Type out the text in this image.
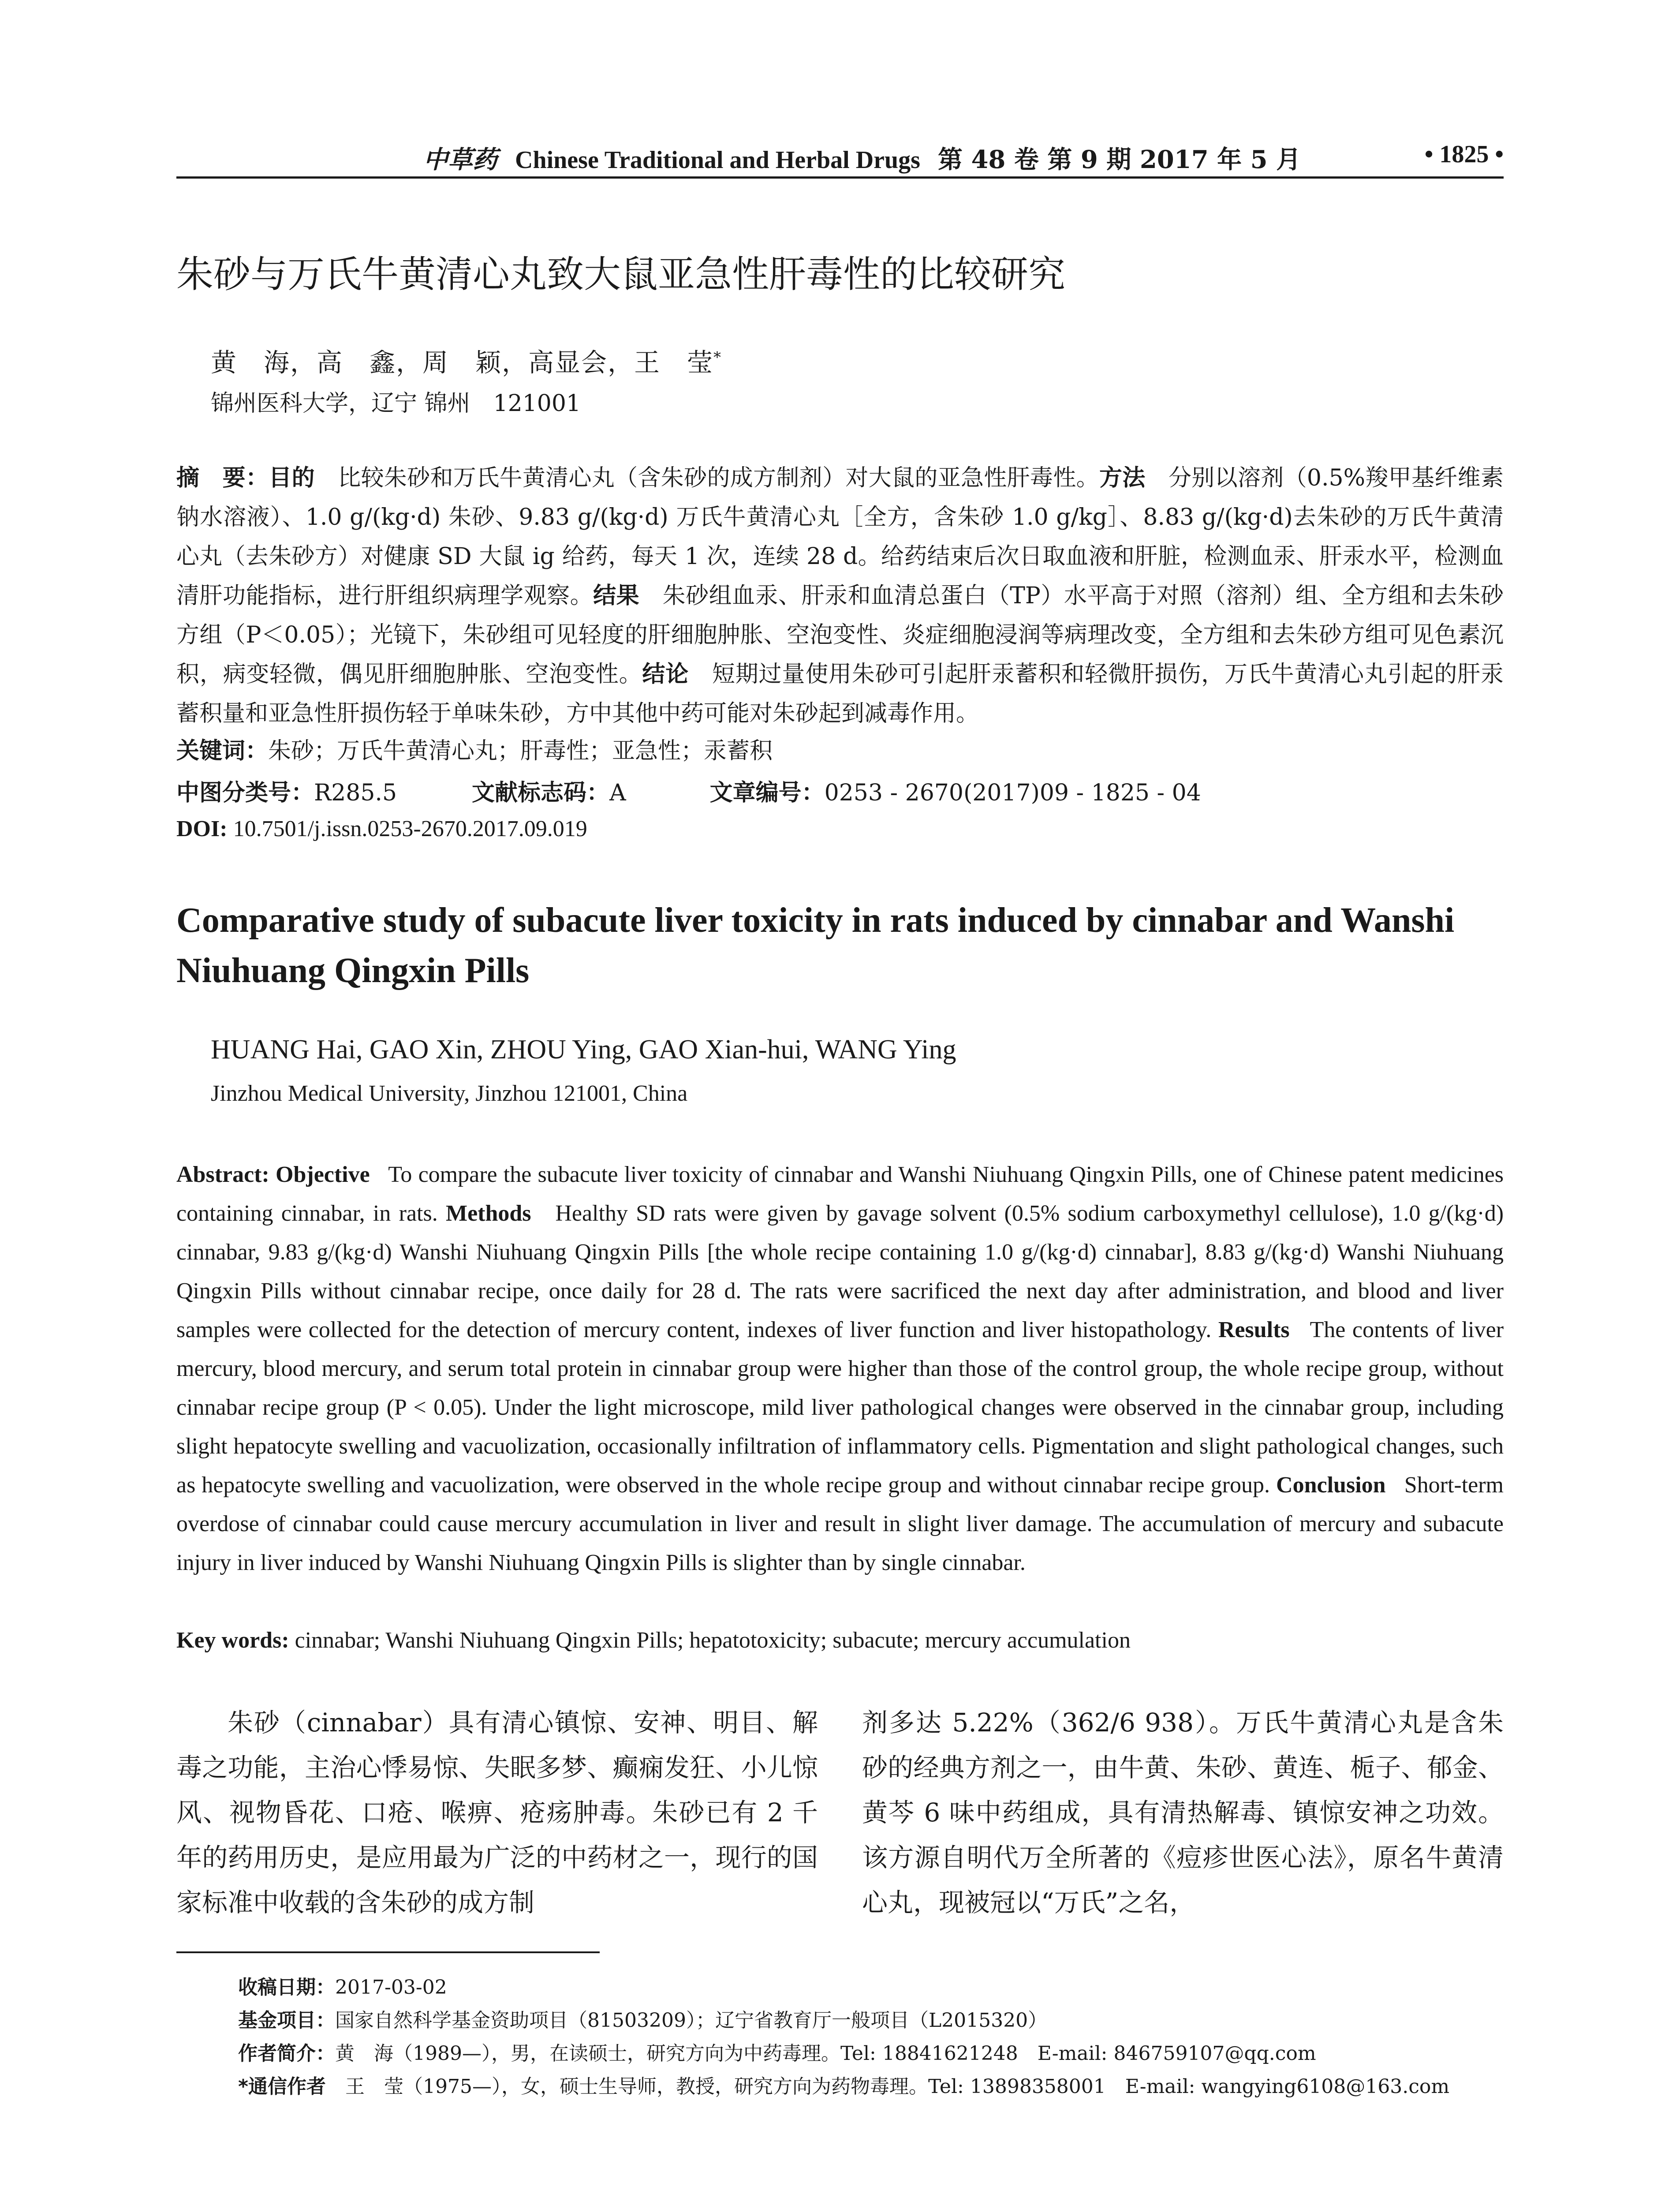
中草药 Chinese Traditional and Herbal Drugs 第 48 卷 第 9 期 2017 年 5 月	• 1825 •
朱砂与万氏牛黄清心丸致大鼠亚急性肝毒性的比较研究
黄　海，高　鑫，周　颖，高显会，王　莹*
锦州医科大学，辽宁 锦州　121001
摘　要：目的　 比较朱砂和万氏牛黄清心丸（含朱砂的成方制剂）对大鼠的亚急性肝毒性。方法　 分别以溶剂（0.5%羧甲基纤维素钠水溶液）、1.0 g/(kg·d) 朱砂、9.83 g/(kg·d) 万氏牛黄清心丸［全方，含朱砂 1.0 g/kg］、8.83 g/(kg·d)去朱砂的万氏牛黄清心丸（去朱砂方）对健康 SD 大鼠 ig 给药，每天 1 次，连续 28 d。给药结束后次日取血液和肝脏，检测血汞、肝汞水平，检测血清肝功能指标，进行肝组织病理学观察。结果　 朱砂组血汞、肝汞和血清总蛋白（TP）水平高于对照（溶剂）组、全方组和去朱砂方组（P＜0.05）；光镜下，朱砂组可见轻度的肝细胞肿胀、空泡变性、炎症细胞浸润等病理改变，全方组和去朱砂方组可见色素沉积，病变轻微，偶见肝细胞肿胀、空泡变性。结论　 短期过量使用朱砂可引起肝汞蓄积和轻微肝损伤，万氏牛黄清心丸引起的肝汞蓄积量和亚急性肝损伤轻于单味朱砂，方中其他中药可能对朱砂起到减毒作用。
关键词：朱砂；万氏牛黄清心丸；肝毒性；亚急性；汞蓄积
中图分类号：R285.5	文献标志码：A	文章编号：0253 - 2670(2017)09 - 1825 - 04
DOI: 10.7501/j.issn.0253-2670.2017.09.019
Comparative study of subacute liver toxicity in rats induced by cinnabar and Wanshi Niuhuang Qingxin Pills
HUANG Hai, GAO Xin, ZHOU Ying, GAO Xian-hui, WANG Ying
Jinzhou Medical University, Jinzhou 121001, China
Abstract: Objective To compare the subacute liver toxicity of cinnabar and Wanshi Niuhuang Qingxin Pills, one of Chinese patent medicines containing cinnabar, in rats. Methods Healthy SD rats were given by gavage solvent (0.5% sodium carboxymethyl cellulose), 1.0 g/(kg·d) cinnabar, 9.83 g/(kg·d) Wanshi Niuhuang Qingxin Pills [the whole recipe containing 1.0 g/(kg·d) cinnabar], 8.83 g/(kg·d) Wanshi Niuhuang Qingxin Pills without cinnabar recipe, once daily for 28 d. The rats were sacrificed the next day after administration, and blood and liver samples were collected for the detection of mercury content, indexes of liver function and liver histopathology. Results The contents of liver mercury, blood mercury, and serum total protein in cinnabar group were higher than those of the control group, the whole recipe group, without cinnabar recipe group (P < 0.05). Under the light microscope, mild liver pathological changes were observed in the cinnabar group, including slight hepatocyte swelling and vacuolization, occasionally infiltration of inflammatory cells. Pigmentation and slight pathological changes, such as hepatocyte swelling and vacuolization, were observed in the whole recipe group and without cinnabar recipe group. Conclusion Short-term overdose of cinnabar could cause mercury accumulation in liver and result in slight liver damage. The accumulation of mercury and subacute injury in liver induced by Wanshi Niuhuang Qingxin Pills is slighter than by single cinnabar.
Key words: cinnabar; Wanshi Niuhuang Qingxin Pills; hepatotoxicity; subacute; mercury accumulation
朱砂（cinnabar）具有清心镇惊、安神、明目、解毒之功能，主治心悸易惊、失眠多梦、癫痫发狂、小儿惊风、视物昏花、口疮、喉痹、疮疡肿毒。朱砂已有 2 千年的药用历史，是应用最为广泛的中药材之一，现行的国家标准中收载的含朱砂的成方制
剂多达 5.22%（362/6 938）。万氏牛黄清心丸是含朱砂的经典方剂之一，由牛黄、朱砂、黄连、栀子、郁金、黄芩 6 味中药组成，具有清热解毒、镇惊安神之功效。该方源自明代万全所著的《痘疹世医心法》，原名牛黄清心丸，现被冠以“万氏”之名，
收稿日期：2017-03-02
基金项目：国家自然科学基金资助项目（81503209）；辽宁省教育厅一般项目（L2015320）
作者简介：黄　海（1989—），男，在读硕士，研究方向为中药毒理。Tel: 18841621248　E-mail: 846759107@qq.com
*通信作者　 王　莹（1975—），女，硕士生导师，教授，研究方向为药物毒理。Tel: 13898358001　E-mail: wangying6108@163.com
